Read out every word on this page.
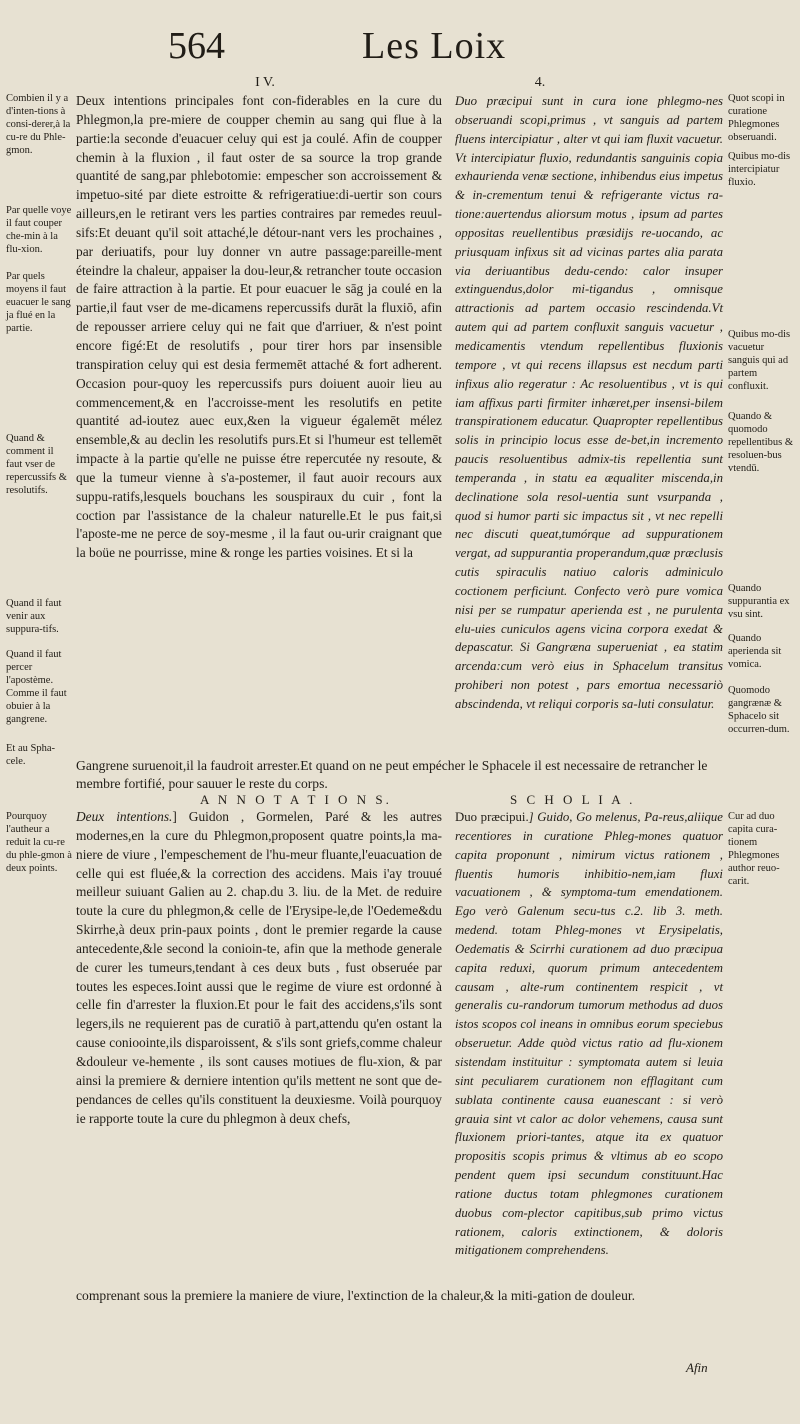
564	Les Loix
I V.	4.

Combien il y a d'inten-tions à consi-derer,à la cu-re du Phle-gmon.

Par quelle voye il faut couper che-min à la flu-xion.

Par quels moyens il faut euacuer le sang ja flué en la partie.

Quand & comment il faut vser de repercussifs & resolutifs.

Quand il faut venir aux suppura-tifs.

Quand il faut percer l'apostème.

Comme il faut obuier à la gangrene.

Et au Spha-cele.

Quot scopi in curatione Phlegmones obseruandi.

Quibus mo-dis intercipiatur fluxio.

Quibus mo-dis vacuetur sanguis qui ad partem confluxit.

Quando & quomodo repellentibus & resoluen-bus vtendū.

Quando suppurantia ex vsu sint.

Quando aperienda sit vomica.

Quomodo gangrænæ & Sphacelo sit occurren-dum.

Deux intentions principales font con-fiderables en la cure du Phlegmon,la pre-miere de coupper chemin au sang qui flue à la partie:la seconde d'euacuer celuy qui est ja coulé. Afin de coupper chemin à la fluxion , il faut oster de sa source la trop grande quantité de sang,par phlebotomie: empescher son accroissement & impetuo-sité par diete estroitte & refrigeratiue:di-uertir son cours ailleurs,en le retirant vers les parties contraires par remedes reuul-sifs:Et deuant qu'il soit attaché,le détour-nant vers les prochaines , par deriuatifs, pour luy donner vn autre passage:pareille-ment éteindre la chaleur, appaiser la dou-leur,& retrancher toute occasion de faire attraction à la partie. Et pour euacuer le sāg ja coulé en la partie,il faut vser de me-dicamens repercussifs durāt la fluxiō, afin de repousser arriere celuy qui ne fait que d'arriuer, & n'est point encore figé:Et de resolutifs , pour tirer hors par insensible transpiration celuy qui est desia fermemēt attaché & fort adherent. Occasion pour-quoy les repercussifs purs doiuent auoir lieu au commencement,& en l'accroisse-ment les resolutifs en petite quantité ad-ioutez auec eux,&en la vigueur égalemēt mélez ensemble,& au declin les resolutifs purs.Et si l'humeur est tellemēt impacte à la partie qu'elle ne puisse étre repercutée ny resoute, & que la tumeur vienne à s'a-postemer, il faut auoir recours aux suppu-ratifs,lesquels bouchans les souspiraux du cuir , font la coction par l'assistance de la chaleur naturelle.Et le pus fait,si l'aposte-me ne perce de soy-mesme , il la faut ou-urir craignant que la boüe ne pourrisse, mine & ronge les parties voisines. Et si la
Duo præcipui sunt in cura ione phlegmo-nes obseruandi scopi,primus , vt sanguis ad partem fluens intercipiatur , alter vt qui iam fluxit vacuetur. Vt intercipiatur fluxio, redundantis sanguinis copia exhaurienda venæ sectione, inhibendus eius impetus & in-crementum tenui & refrigerante victus ra-tione:auertendus aliorsum motus , ipsum ad partes oppositas reuellentibus præsidijs re-uocando, ac priusquam infixus sit ad vicinas partes alia parata via deriuantibus dedu-cendo: calor insuper extinguendus,dolor mi-tigandus , omnisque attractionis ad partem occasio rescindenda.Vt autem qui ad partem confluxit sanguis vacuetur , medicamentis vtendum repellentibus fluxionis tempore , vt qui recens illapsus est necdum parti infixus alio regeratur : Ac resoluentibus , vt is qui iam affixus parti firmiter inhæret,per insensi-bilem transpirationem educatur. Quapropter repellentibus solis in principio locus esse de-bet,in incremento paucis resoluentibus admix-tis repellentia sunt temperanda , in statu ea æqualiter miscenda,in declinatione sola resol-uentia sunt vsurpanda , quod si humor parti sic impactus sit , vt nec repelli nec discuti queat,tumórque ad suppurationem vergat, ad suppurantia properandum,quæ præclusis cutis spiraculis natiuo caloris adminiculo coctionem perficiunt. Confecto verò pure vomica nisi per se rumpatur aperienda est , ne purulenta elu-uies cuniculos agens vicina corpora exedat & depascatur. Si Gangræna superueniat , ea statim arcenda:cum verò eius in Sphacelum transitus prohiberi non potest , pars emortua necessariò abscindenda, vt reliqui corporis sa-luti consulatur.
Gangrene suruenoit,il la faudroit arrester.Et quand on ne peut empécher le Sphacele il est necessaire de retrancher le membre fortifié, pour sauuer le reste du corps.
A N N O T A T I O N S.	S C H O L I A .

Pourquoy l'autheur a reduit la cu-re du phle-gmon à deux points.

Cur ad duo capita cura-tionem Phlegmones author reuo-carit.

Deux intentions.] Guidon , Gormelen, Paré & les autres modernes,en la cure du Phlegmon,proposent quatre points,la ma-niere de viure , l'empeschement de l'hu-meur fluante,l'euacuation de celle qui est fluée,& la correction des accidens. Mais i'ay trouué meilleur suiuant Galien au 2. chap.du 3. liu. de la Met. de reduire toute la cure du phlegmon,& celle de l'Erysipe-le,de l'Oedeme&du Skirrhe,à deux prin-paux points , dont le premier regarde la cause antecedente,&le second la conioin-te, afin que la methode generale de curer les tumeurs,tendant à ces deux buts , fust obseruée par toutes les especes.Ioint aussi que le regime de viure est ordonné à celle fin d'arrester la fluxion.Et pour le fait des accidens,s'ils sont legers,ils ne requierent pas de curatiō à part,attendu qu'en ostant la cause conioointe,ils disparoissent, & s'ils sont griefs,comme chaleur &douleur ve-hemente , ils sont causes motiues de flu-xion, & par ainsi la premiere & derniere intention qu'ils mettent ne sont que de-pendances de celles qu'ils constituent la deuxiesme. Voilà pourquoy ie rapporte toute la cure du phlegmon à deux chefs,
Duo præcipui.] Guido, Go melenus, Pa-reus,aliique recentiores in curatione Phleg-mones quatuor capita proponunt , nimirum victus rationem , fluentis humoris inhibitio-nem,iam fluxi vacuationem , & symptoma-tum emendationem. Ego verò Galenum secu-tus c.2. lib 3. meth. medend. totam Phleg-mones vt Erysipelatis, Oedematis & Scirrhi curationem ad duo præcipua capita reduxi, quorum primum antecedentem causam , alte-rum continentem respicit , vt generalis cu-randorum tumorum methodus ad duos istos scopos col ineans in omnibus eorum speciebus obseruetur. Adde quòd victus ratio ad flu-xionem sistendam instituitur : symptomata autem si leuia sint peculiarem curationem non efflagitant cum sublata continente causa euanescant : si verò grauia sint vt calor ac dolor vehemens, causa sunt fluxionem priori-tantes, atque ita ex quatuor propositis scopis primus & vltimus ab eo scopo pendent quem ipsi secundum constituunt.Hac ratione ductus totam phlegmones curationem duobus com-plector capitibus,sub primo victus rationem, caloris extinctionem, & doloris mitigationem comprehendens.
comprenant sous la premiere la maniere de viure, l'extinction de la chaleur,& la miti-gation de douleur.
Afin
